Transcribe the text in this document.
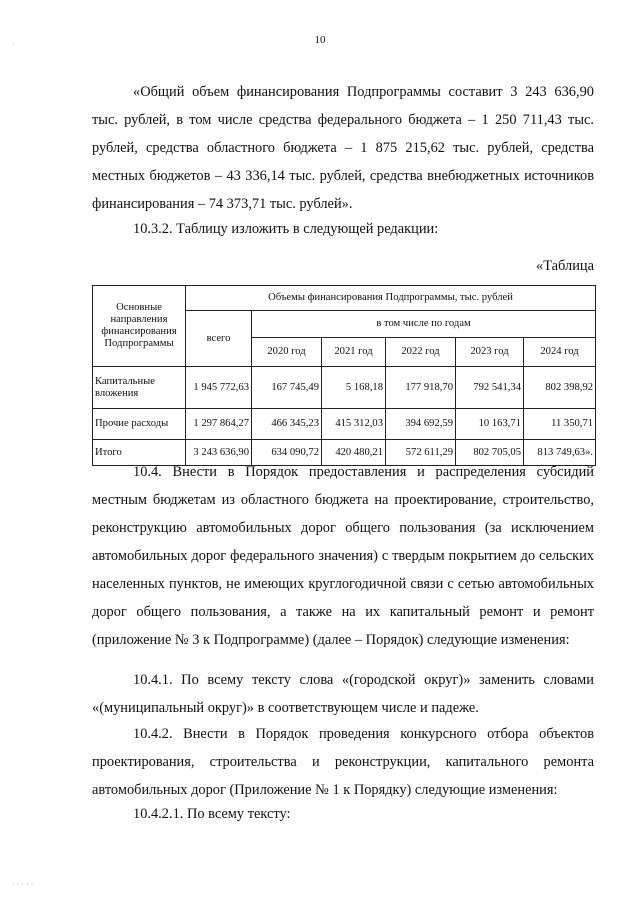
10

«Общий объем финансирования Подпрограммы составит 3 243 636,90 тыс. рублей, в том числе средства федерального бюджета – 1 250 711,43 тыс. рублей, средства областного бюджета – 1 875 215,62 тыс. рублей, средства местных бюджетов – 43 336,14 тыс. рублей, средства внебюджетных источников финансирования – 74 373,71 тыс. рублей».

10.3.2. Таблицу изложить в следующей редакции:

«Таблица

Основные направления финансирования Подпрограммы	Объемы финансирования Подпрограммы, тыс. рублей					
	всего	в том числе по годам				
		2020 год	2021 год	2022 год	2023 год	2024 год
Капитальные вложения	1 945 772,63	167 745,49	5 168,18	177 918,70	792 541,34	802 398,92
Прочие расходы	1 297 864,27	466 345,23	415 312,03	394 692,59	10 163,71	11 350,71
Итого	3 243 636,90	634 090,72	420 480,21	572 611,29	802 705,05	813 749,63».

10.4. Внести в Порядок предоставления и распределения субсидий местным бюджетам из областного бюджета на проектирование, строительство, реконструкцию автомобильных дорог общего пользования (за исключением автомобильных дорог федерального значения) с твердым покрытием до сельских населенных пунктов, не имеющих круглогодичной связи с сетью автомобильных дорог общего пользования, а также на их капитальный ремонт и ремонт (приложение № 3 к Подпрограмме) (далее – Порядок) следующие изменения:

10.4.1. По всему тексту слова «(городской округ)» заменить словами «(муниципальный округ)» в соответствующем числе и падеже.

10.4.2. Внести в Порядок проведения конкурсного отбора объектов проектирования, строительства и реконструкции, капитального ремонта автомобильных дорог (Приложение № 1 к Порядку) следующие изменения:

10.4.2.1. По всему тексту:

·
· · · · ·
